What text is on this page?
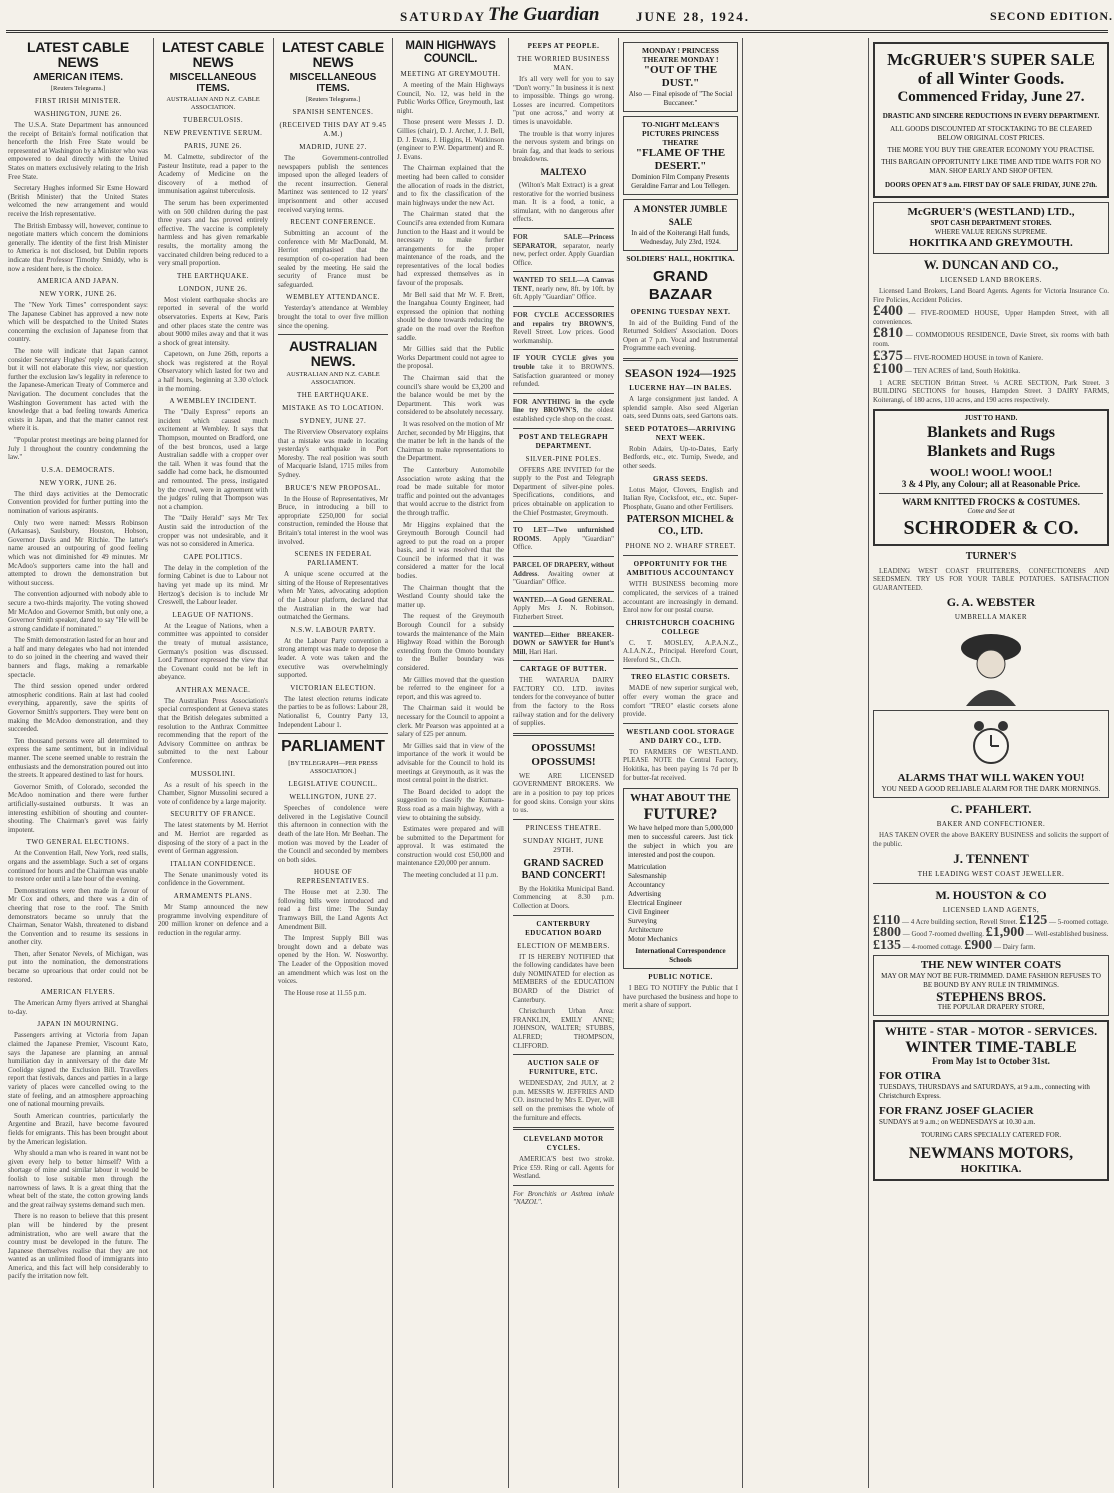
SATURDAY The Guardian	JUNE 28, 1924.	SECOND EDITION.
LATEST CABLE NEWS
AMERICAN ITEMS.
[Reuters Telegrams.]
FIRST IRISH MINISTER.
WASHINGTON, JUNE 26.

The U.S.A. State Department has announced the receipt of Britain's formal notification that henceforth the Irish Free State would be represented at Washington by a Minister who was empowered to deal directly with the United States on matters exclusively relating to the Irish Free State.

Secretary Hughes informed Sir Esme Howard (British Minister) that the United States welcomed the new arrangement and would receive the Irish representative.

The British Embassy will, however, continue to negotiate matters which concern the dominions generally. The identity of the first Irish Minister to America is not disclosed, but Dublin reports indicate that Professor Timothy Smiddy, who is now a resident here, is the choice.

AMERICA AND JAPAN.
NEW YORK, JUNE 26.

The "New York Times" correspondent says: The Japanese Cabinet has approved a new note which will be despatched to the United States concerning the exclusion of Japanese from that country.

The note will indicate that Japan cannot consider Secretary Hughes' reply as satisfactory, but it will not elaborate this view, nor question further the exclusion law's legality in reference to the Japanese-American Treaty of Commerce and Navigation. The document concludes that the Washington Government has acted with the knowledge that a bad feeling towards America exists in Japan, and that the matter cannot rest where it is.

"Popular protest meetings are being planned for July 1 throughout the country condemning the law."

U.S.A. DEMOCRATS.
NEW YORK, JUNE 26.

The third days activities at the Democratic Convention provided for further putting into the nomination of various aspirants.

Only two were named: Messrs Robinson (Arkansas), Saulsbury, Houston, Hobson, Governor Davis and Mr Ritchie. The latter's name aroused an outpouring of good feeling which was not diminished for 49 minutes. Mr McAdoo's supporters came into the hall and attempted to drown the demonstration but without success.

The convention adjourned with nobody able to secure a two-thirds majority. The voting showed Mr McAdoo and Governor Smith, but only one, a Governor Smith speaker, dared to say "He will be a strong candidate if nominated."

The Smith demonstration lasted for an hour and a half and many delegates who had not intended to do so joined in the cheering and waved their banners and flags, making a remarkable spectacle.

The third session opened under ordered atmospheric conditions. Rain at last had cooled everything, apparently, save the spirits of Governor Smith's supporters. They were bent on making the McAdoo demonstration, and they succeeded.

Ten thousand persons were all determined to express the same sentiment, but in individual manner. The scene seemed unable to restrain the enthusiasts and the demonstration poured out into the streets. It appeared destined to last for hours.

Governor Smith, of Colorado, seconded the McAdoo nomination and there were further artificially-sustained outbursts. It was an interesting exhibition of shouting and counter-shouting. The Chairman's gavel was fairly impotent.

TWO GENERAL ELECTIONS.

At the Convention Hall, New York, reed stalls, organs and the assemblage. Such a set of organs continued for hours and the Chairman was unable to restore order until a late hour of the evening.

Demonstrations were then made in favour of Mr Cox and others, and there was a din of cheering that rose to the roof. The Smith demonstrators became so unruly that the Chairman, Senator Walsh, threatened to disband the Convention and to resume its sessions in another city.

Then, after Senator Nevels, of Michigan, was put into the nomination, the demonstrations became so uproarious that order could not be restored.

AMERICAN FLYERS.

The American Army flyers arrived at Shanghai to-day.

JAPAN IN MOURNING.

Passengers arriving at Victoria from Japan claimed the Japanese Premier, Viscount Kato, says the Japanese are planning an annual humiliation day in anniversary of the date Mr Coolidge signed the Exclusion Bill. Travellers report that festivals, dances and parties in a large variety of places were cancelled owing to the state of feeling, and an atmosphere approaching one of national mourning prevails.

South American countries, particularly the Argentine and Brazil, have become favoured fields for emigrants. This has been brought about by the American legislation.

Why should a man who is reared in want not be given every help to better himself? With a shortage of mine and similar labour it would be foolish to lose suitable men through the narrowness of laws. It is a great thing that the wheat belt of the state, the cotton growing lands and the great railway systems demand such men.

There is no reason to believe that this present plan will be hindered by the present administration, who are well aware that the country must be developed in the future. The Japanese themselves realise that they are not wanted as an unlimited flood of immigrants into America, and this fact will help considerably to pacify the irritation now felt.

LATEST CABLE NEWS
MISCELLANEOUS ITEMS.
AUSTRALIAN AND N.Z. CABLE ASSOCIATION.
TUBERCULOSIS.
NEW PREVENTIVE SERUM.
PARIS, JUNE 26.

M. Calmette, subdirector of the Pasteur Institute, read a paper to the Academy of Medicine on the discovery of a method of immunisation against tuberculosis.

The serum has been experimented with on 500 children during the past three years and has proved entirely effective. The vaccine is completely harmless and has given remarkable results, the mortality among the vaccinated children being reduced to a very small proportion.

THE EARTHQUAKE.
LONDON, JUNE 26.

Most violent earthquake shocks are reported in several of the world observatories. Experts at Kew, Paris and other places state the centre was about 9000 miles away and that it was a shock of great intensity.

Capetown, on June 26th, reports a shock was registered at the Royal Observatory which lasted for two and a half hours, beginning at 3.30 o'clock in the morning.

A WEMBLEY INCIDENT.

The "Daily Express" reports an incident which caused much excitement at Wembley. It says that Thompson, mounted on Bradford, one of the best broncos, used a large Australian saddle with a cropper over the tail. When it was found that the saddle had come back, he dismounted and remounted. The press, instigated by the crowd, were in agreement with the judges' ruling that Thompson was not a champion.

The "Daily Herald" says Mr Tex Austin said the introduction of the cropper was not undesirable, and it was not so considered in America.

CAPE POLITICS.

The delay in the completion of the forming Cabinet is due to Labour not having yet made up its mind. Mr Hertzog's decision is to include Mr Creswell, the Labour leader.

LEAGUE OF NATIONS.

At the League of Nations, when a committee was appointed to consider the treaty of mutual assistance, Germany's position was discussed. Lord Parmoor expressed the view that the Covenant could not be left in abeyance.

ANTHRAX MENACE.

The Australian Press Association's special correspondent at Geneva states that the British delegates submitted a resolution to the Anthrax Committee recommending that the report of the Advisory Committee on anthrax be submitted to the next Labour Conference.

MUSSOLINI.

As a result of his speech in the Chamber, Signor Mussolini secured a vote of confidence by a large majority.

SECURITY OF FRANCE.

The latest statements by M. Herriot and M. Herriot are regarded as disposing of the story of a pact in the event of German aggression.

ITALIAN CONFIDENCE.

The Senate unanimously voted its confidence in the Government.

ARMAMENTS PLANS.

Mr Stamp announced the new programme involving expenditure of 200 million kroner on defence and a reduction in the regular army.

LATEST CABLE NEWS
MISCELLANEOUS ITEMS.
[Reuters Telegrams.]
SPANISH SENTENCES.
(RECEIVED THIS DAY AT 9.45 A.M.)
MADRID, JUNE 27.

The Government-controlled newspapers publish the sentences imposed upon the alleged leaders of the recent insurrection. General Martinez was sentenced to 12 years' imprisonment and other accused received varying terms.

RECENT CONFERENCE.

Submitting an account of the conference with Mr MacDonald, M. Herriot emphasised that the resumption of co-operation had been sealed by the meeting. He said the security of France must be safeguarded.

WEMBLEY ATTENDANCE.

Yesterday's attendance at Wembley brought the total to over five million since the opening.

AUSTRALIAN NEWS.
AUSTRALIAN AND N.Z. CABLE ASSOCIATION.
THE EARTHQUAKE.
MISTAKE AS TO LOCATION.
SYDNEY, JUNE 27.

The Riverview Observatory explains that a mistake was made in locating yesterday's earthquake in Port Moresby. The real position was south of Macquarie Island, 1715 miles from Sydney.

BRUCE'S NEW PROPOSAL.

In the House of Representatives, Mr Bruce, in introducing a bill to appropriate £250,000 for social construction, reminded the House that Britain's total interest in the wool was involved.

SCENES IN FEDERAL PARLIAMENT.

A unique scene occurred at the sitting of the House of Representatives when Mr Yates, advocating adoption of the Labour platform, declared that the Australian in the war had outmatched the Germans.

N.S.W. LABOUR PARTY.

At the Labour Party convention a strong attempt was made to depose the leader. A vote was taken and the executive was overwhelmingly supported.

VICTORIAN ELECTION.

The latest election returns indicate the parties to be as follows: Labour 28, Nationalist 6, Country Party 13, Independent Labour 1.

PARLIAMENT
[BY TELEGRAPH—PER PRESS ASSOCIATION.]
LEGISLATIVE COUNCIL.
WELLINGTON, JUNE 27.

Speeches of condolence were delivered in the Legislative Council this afternoon in connection with the death of the late Hon. Mr Beehan. The motion was moved by the Leader of the Council and seconded by members on both sides.

HOUSE OF REPRESENTATIVES.

The House met at 2.30. The following bills were introduced and read a first time: The Sunday Tramways Bill, the Land Agents Act Amendment Bill.

The Imprest Supply Bill was brought down and a debate was opened by the Hon. W. Nosworthy. The Leader of the Opposition moved an amendment which was lost on the voices.

The House rose at 11.55 p.m.

MAIN HIGHWAYS COUNCIL.
MEETING AT GREYMOUTH.

A meeting of the Main Highways Council, No. 12, was held in the Public Works Office, Greymouth, last night.

Those present were Messrs J. D. Gillies (chair), D. J. Archer, J. J. Bell, D. J. Evans, J. Higgins, H. Watkinson (engineer to P.W. Department) and R. J. Evans.

The Chairman explained that the meeting had been called to consider the allocation of roads in the district, and to fix the classification of the main highways under the new Act.

The Chairman stated that the Council's area extended from Kumara Junction to the Haast and it would be necessary to make further arrangements for the proper maintenance of the roads, and the representatives of the local bodies had expressed themselves as in favour of the proposals.

Mr Bell said that Mr W. F. Brett, the Inangahua County Engineer, had expressed the opinion that nothing should be done towards reducing the grade on the road over the Reefton saddle.

Mr Gillies said that the Public Works Department could not agree to the proposal.

The Chairman said that the council's share would be £3,200 and the balance would be met by the Department. This work was considered to be absolutely necessary.

It was resolved on the motion of Mr Archer, seconded by Mr Higgins, that the matter be left in the hands of the Chairman to make representations to the Department.

The Canterbury Automobile Association wrote asking that the road be made suitable for motor traffic and pointed out the advantages that would accrue to the district from the through traffic.

Mr Higgins explained that the Greymouth Borough Council had agreed to put the road on a proper basis, and it was resolved that the Council be informed that it was considered a matter for the local bodies.

The Chairman thought that the Westland County should take the matter up.

The request of the Greymouth Borough Council for a subsidy towards the maintenance of the Main Highway Road within the Borough extending from the Omoto boundary to the Buller boundary was considered.

Mr Gillies moved that the question be referred to the engineer for a report, and this was agreed to.

The Chairman said it would be necessary for the Council to appoint a clerk. Mr Pearson was appointed at a salary of £25 per annum.

Mr Gillies said that in view of the importance of the work it would be advisable for the Council to hold its meetings at Greymouth, as it was the most central point in the district.

The Board decided to adopt the suggestion to classify the Kumara-Ross road as a main highway, with a view to obtaining the subsidy.

Estimates were prepared and will be submitted to the Department for approval. It was estimated the construction would cost £50,000 and maintenance £20,000 per annum.

The meeting concluded at 11 p.m.

PEEPS AT PEOPLE.
THE WORRIED BUSINESS MAN.

It's all very well for you to say "Don't worry." In business it is next to impossible. Things go wrong. Losses are incurred. Competitors "put one across," and worry at times is unavoidable.

The trouble is that worry injures the nervous system and brings on brain fag, and that leads to serious breakdowns.

MALTEXO

(Wilton's Malt Extract) is a great restorative for the worried business man. It is a food, a tonic, a stimulant, with no dangerous after effects.

FOR SALE—Princess SEPARATOR, separator, nearly new, perfect order. Apply Guardian Office.

WANTED TO SELL—A Canvas TENT, nearly new, 8ft. by 10ft. by 6ft. Apply "Guardian" Office.

FOR CYCLE ACCESSORIES and repairs try BROWN'S, Revell Street. Low prices. Good workmanship.

IF YOUR CYCLE gives you trouble take it to BROWN'S. Satisfaction guaranteed or money refunded.

FOR ANYTHING in the cycle line try BROWN'S, the oldest established cycle shop on the coast.

POST AND TELEGRAPH DEPARTMENT.
SILVER-PINE POLES.

OFFERS ARE INVITED for the supply to the Post and Telegraph Department of silver-pine poles. Specifications, conditions, and prices obtainable on application to the Chief Postmaster, Greymouth.

TO LET—Two unfurnished ROOMS. Apply "Guardian" Office.

PARCEL OF DRAPERY, without Address. Awaiting owner at "Guardian" Office.

WANTED.—A Good GENERAL. Apply Mrs J. N. Robinson, Fitzherbert Street.

WANTED—Either BREAKER-DOWN or SAWYER for Hunt's Mill, Hari Hari.

CARTAGE OF BUTTER.

THE WATARUA DAIRY FACTORY CO. LTD. invites tenders for the conveyance of butter from the factory to the Ross railway station and for the delivery of supplies.

OPOSSUMS! OPOSSUMS!

WE ARE LICENSED GOVERNMENT BROKERS. We are in a position to pay top prices for good skins. Consign your skins to us.

PRINCESS THEATRE.
SUNDAY NIGHT, JUNE 29TH.
GRAND SACRED BAND CONCERT!

By the Hokitika Municipal Band. Commencing at 8.30 p.m. Collection at Doors.

CANTERBURY EDUCATION BOARD
ELECTION OF MEMBERS.

IT IS HEREBY NOTIFIED that the following candidates have been duly NOMINATED for election as MEMBERS of the EDUCATION BOARD of the District of Canterbury.

Christchurch Urban Area: FRANKLIN, EMILY ANNE; JOHNSON, WALTER; STUBBS, ALFRED; THOMPSON, CLIFFORD.

AUCTION SALE OF FURNITURE, ETC.

WEDNESDAY, 2nd JULY, at 2 p.m. MESSRS W. JEFFRIES AND CO. instructed by Mrs E. Dyer, will sell on the premises the whole of the furniture and effects.

CLEVELAND MOTOR CYCLES.

AMERICA'S best two stroke. Price £59. Ring or call. Agents for Westland.

For Bronchitis or Asthma inhale "NAZOL".

MONDAY ! PRINCESS THEATRE MONDAY !
"OUT OF THE DUST."
Also — Final episode of "The Social Buccaneer."
TO-NIGHT McLEAN'S PICTURES PRINCESS THEATRE
"FLAME OF THE DESERT."
Dominion Film Company Presents Geraldine Farrar and Lou Tellegen.
A MONSTER JUMBLE SALE
In aid of the Koiterangi Hall funds, Wednesday, July 23rd, 1924.
SOLDIERS' HALL, HOKITIKA.
GRAND BAZAAR
OPENING TUESDAY NEXT.

In aid of the Building Fund of the Returned Soldiers' Association. Doors Open at 7 p.m. Vocal and Instrumental Programme each evening.

SEASON 1924—1925
LUCERNE HAY—IN BALES.

A large consignment just landed. A splendid sample. Also seed Algerian oats, seed Dunns oats, seed Gartons oats.

SEED POTATOES—ARRIVING NEXT WEEK.

Robin Adairs, Up-to-Dates, Early Bedfords, etc., etc. Turnip, Swede, and other seeds.

GRASS SEEDS.

Lotus Major, Clovers, English and Italian Rye, Cocksfoot, etc., etc. Super-Phosphate, Guano and other Fertilisers.

PATERSON MICHEL & CO., LTD.
PHONE NO 2. WHARF STREET.
OPPORTUNITY FOR THE AMBITIOUS ACCOUNTANCY

WITH BUSINESS becoming more complicated, the services of a trained accountant are increasingly in demand. Enrol now for our postal course.

CHRISTCHURCH COACHING COLLEGE

C. T. MOSLEY, A.P.A.N.Z., A.I.A.N.Z., Principal. Hereford Court, Hereford St., Ch.Ch.

TREO ELASTIC CORSETS.

MADE of new superior surgical web, offer every woman the grace and comfort "TREO" elastic corsets alone provide.

WESTLAND COOL STORAGE AND DAIRY CO., LTD.

TO FARMERS OF WESTLAND. PLEASE NOTE the Central Factory, Hokitika, has been paying 1s 7d per lb for butter-fat received.

WHAT ABOUT THE
FUTURE?
We have helped more than 5,000,000 men to successful careers. Just tick the subject in which you are interested and post the coupon.
Matriculation
Salesmanship
Accountancy
Advertising
Electrical Engineer
Civil Engineer
Surveying
Architecture
Motor Mechanics
International Correspondence Schools
PUBLIC NOTICE.

I BEG TO NOTIFY the Public that I have purchased the business and hope to merit a share of support.

McGRUER'S SUPER SALE
of all Winter Goods.
Commenced Friday, June 27.
DRASTIC AND SINCERE REDUCTIONS IN EVERY DEPARTMENT.
ALL GOODS DISCOUNTED AT STOCKTAKING TO BE CLEARED BELOW ORIGINAL COST PRICES.
THE MORE YOU BUY THE GREATER ECONOMY YOU PRACTISE.
THIS BARGAIN OPPORTUNITY LIKE TIME AND TIDE WAITS FOR NO MAN. SHOP EARLY AND SHOP OFTEN.
DOORS OPEN AT 9 a.m. FIRST DAY OF SALE FRIDAY, JUNE 27th.
McGRUER'S (WESTLAND) LTD.,
SPOT CASH DEPARTMENT STORES.
WHERE VALUE REIGNS SUPREME.
HOKITIKA AND GREYMOUTH.
W. DUNCAN AND CO.,
LICENSED LAND BROKERS.

Licensed Land Brokers, Land Board Agents. Agents for Victoria Insurance Co. Fire Policies, Accident Policies.

£400 — FIVE-ROOMED HOUSE, Upper Hampden Street, with all conveniences.

£810 — COMMODIOUS RESIDENCE, Davie Street, six rooms with bath room.

£375 — FIVE-ROOMED HOUSE in town of Kaniere.

£100 — TEN ACRES of land, South Hokitika.

1 ACRE SECTION Brittan Street. ¼ ACRE SECTION, Park Street. 3 BUILDING SECTIONS for houses, Hampden Street. 3 DAIRY FARMS, Koiterangi, of 180 acres, 110 acres, and 190 acres respectively.

JUST TO HAND.
Blankets and Rugs
Blankets and Rugs
WOOL! WOOL! WOOL!
3 & 4 Ply, any Colour; all at Reasonable Price.
WARM KNITTED FROCKS & COSTUMES.
Come and See at
SCHRODER & CO.
TURNER'S

LEADING WEST COAST FRUITERERS, CONFECTIONERS AND SEEDSMEN. TRY US FOR YOUR TABLE POTATOES. SATISFACTION GUARANTEED.

G. A. WEBSTER
UMBRELLA MAKER
ALARMS THAT WILL WAKEN YOU!
YOU NEED A GOOD RELIABLE ALARM FOR THE DARK MORNINGS.
C. PFAHLERT.
BAKER AND CONFECTIONER.

HAS TAKEN OVER the above BAKERY BUSINESS and solicits the support of the public.

J. TENNENT
THE LEADING WEST COAST JEWELLER.
M. HOUSTON & CO
LICENSED LAND AGENTS,

£110 — 4 Acre building section, Revell Street. £125 — 5-roomed cottage.

£800 — Good 7-roomed dwelling. £1,900 — Well-established business.

£135 — 4-roomed cottage. £900 — Dairy farm.

THE NEW WINTER COATS
MAY OR MAY NOT BE FUR-TRIMMED. DAME FASHION REFUSES TO BE BOUND BY ANY RULE IN TRIMMINGS.
STEPHENS BROS.
THE POPULAR DRAPERY STORE,
WHITE - STAR - MOTOR - SERVICES.
WINTER TIME-TABLE
From May 1st to October 31st.
FOR OTIRA
TUESDAYS, THURSDAYS and SATURDAYS, at 9 a.m., connecting with Christchurch Express.
FOR FRANZ JOSEF GLACIER
SUNDAYS at 9 a.m.; on WEDNESDAYS at 10.30 a.m.
TOURING CARS SPECIALLY CATERED FOR.
NEWMANS MOTORS,
HOKITIKA.
